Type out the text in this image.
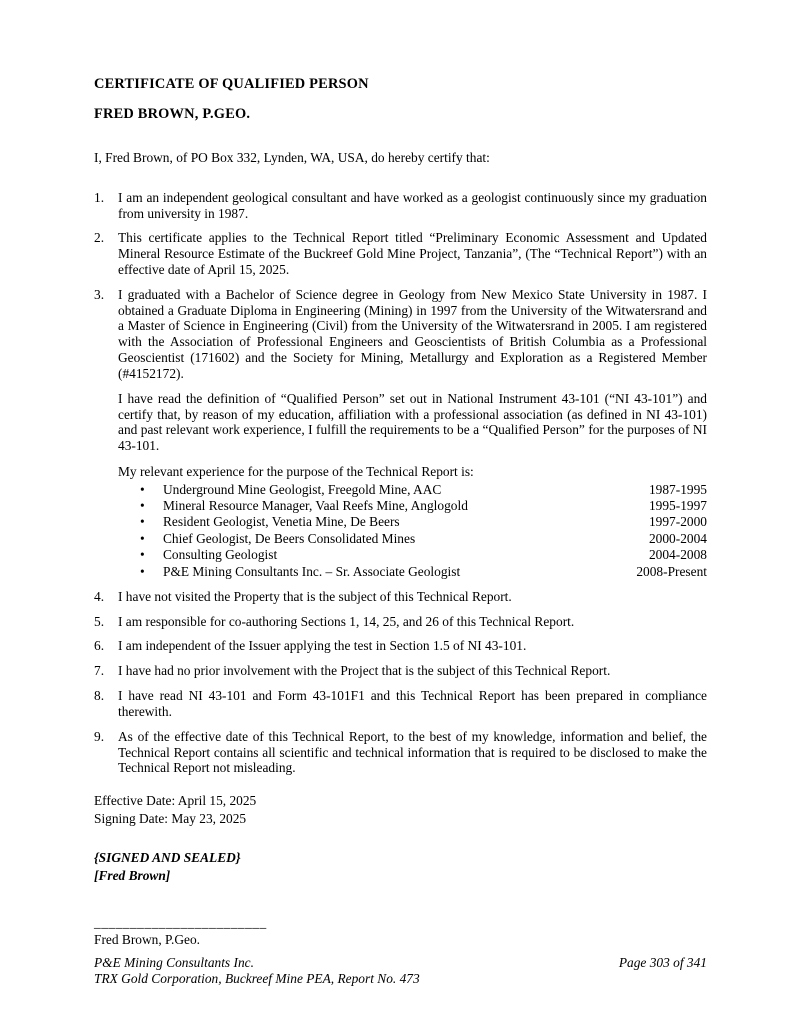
CERTIFICATE OF QUALIFIED PERSON
FRED BROWN, P.GEO.

I, Fred Brown, of PO Box 332, Lynden, WA, USA, do hereby certify that:

1.	I am an independent geological consultant and have worked as a geologist continuously since my graduation from university in 1987.
2.	This certificate applies to the Technical Report titled “Preliminary Economic Assessment and Updated Mineral Resource Estimate of the Buckreef Gold Mine Project, Tanzania”, (The “Technical Report”) with an effective date of April 15, 2025.
3.	I graduated with a Bachelor of Science degree in Geology from New Mexico State University in 1987. I obtained a Graduate Diploma in Engineering (Mining) in 1997 from the University of the Witwatersrand and a Master of Science in Engineering (Civil) from the University of the Witwatersrand in 2005. I am registered with the Association of Professional Engineers and Geoscientists of British Columbia as a Professional Geoscientist (171602) and the Society for Mining, Metallurgy and Exploration as a Registered Member (#4152172).

I have read the definition of “Qualified Person” set out in National Instrument 43-101 (“NI 43-101”) and certify that, by reason of my education, affiliation with a professional association (as defined in NI 43-101) and past relevant work experience, I fulfill the requirements to be a “Qualified Person” for the purposes of NI 43-101.

My relevant experience for the purpose of the Technical Report is:

•	Underground Mine Geologist, Freegold Mine, AAC	1987-1995
•	Mineral Resource Manager, Vaal Reefs Mine, Anglogold	1995-1997
•	Resident Geologist, Venetia Mine, De Beers	1997-2000
•	Chief Geologist, De Beers Consolidated Mines	2000-2004
•	Consulting Geologist	2004-2008
•	P&E Mining Consultants Inc. – Sr. Associate Geologist	2008-Present
4.	I have not visited the Property that is the subject of this Technical Report.
5.	I am responsible for co-authoring Sections 1, 14, 25, and 26 of this Technical Report.
6.	I am independent of the Issuer applying the test in Section 1.5 of NI 43-101.
7.	I have had no prior involvement with the Project that is the subject of this Technical Report.
8.	I have read NI 43-101 and Form 43-101F1 and this Technical Report has been prepared in compliance therewith.
9.	As of the effective date of this Technical Report, to the best of my knowledge, information and belief, the Technical Report contains all scientific and technical information that is required to be disclosed to make the Technical Report not misleading.

Effective Date: April 15, 2025

Signing Date: May 23, 2025

{SIGNED AND SEALED}

[Fred Brown]

________________________

Fred Brown, P.Geo.

P&E Mining Consultants Inc.

TRX Gold Corporation, Buckreef Mine PEA, Report No. 473

Page 303 of 341
